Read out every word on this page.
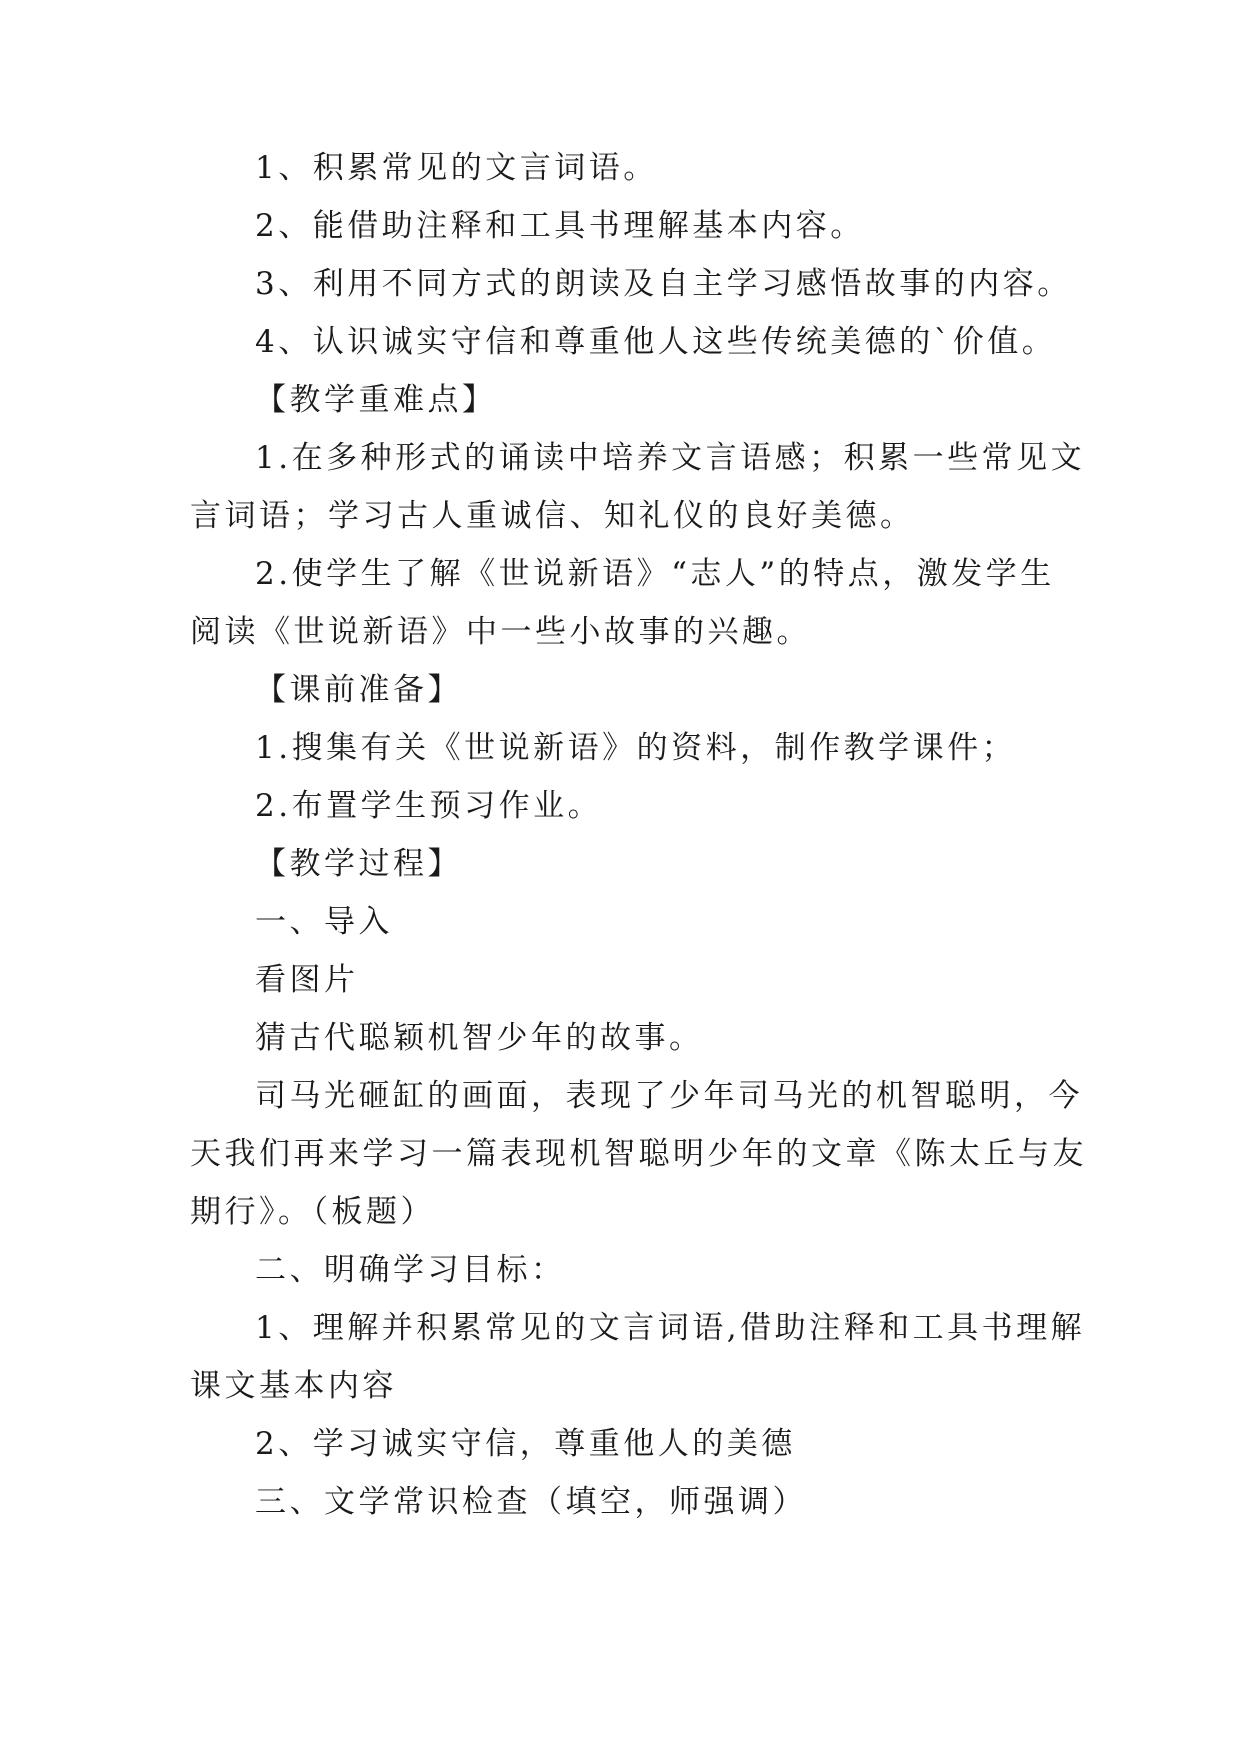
1、积累常见的文言词语。
2、能借助注释和工具书理解基本内容。
3、利用不同方式的朗读及自主学习感悟故事的内容。
4、认识诚实守信和尊重他人这些传统美德的`价值。
【教学重难点】
1.在多种形式的诵读中培养文言语感；积累一些常见文
言词语；学习古人重诚信、知礼仪的良好美德。
2.使学生了解《世说新语》“志人”的特点，激发学生
阅读《世说新语》中一些小故事的兴趣。
【课前准备】
1.搜集有关《世说新语》的资料，制作教学课件；
2.布置学生预习作业。
【教学过程】
一、导入
看图片
猜古代聪颖机智少年的故事。
司马光砸缸的画面，表现了少年司马光的机智聪明，今
天我们再来学习一篇表现机智聪明少年的文章《陈太丘与友
期行》。（板题）
二、明确学习目标：
1、理解并积累常见的文言词语,借助注释和工具书理解
课文基本内容
2、学习诚实守信，尊重他人的美德
三、文学常识检查（填空，师强调）
